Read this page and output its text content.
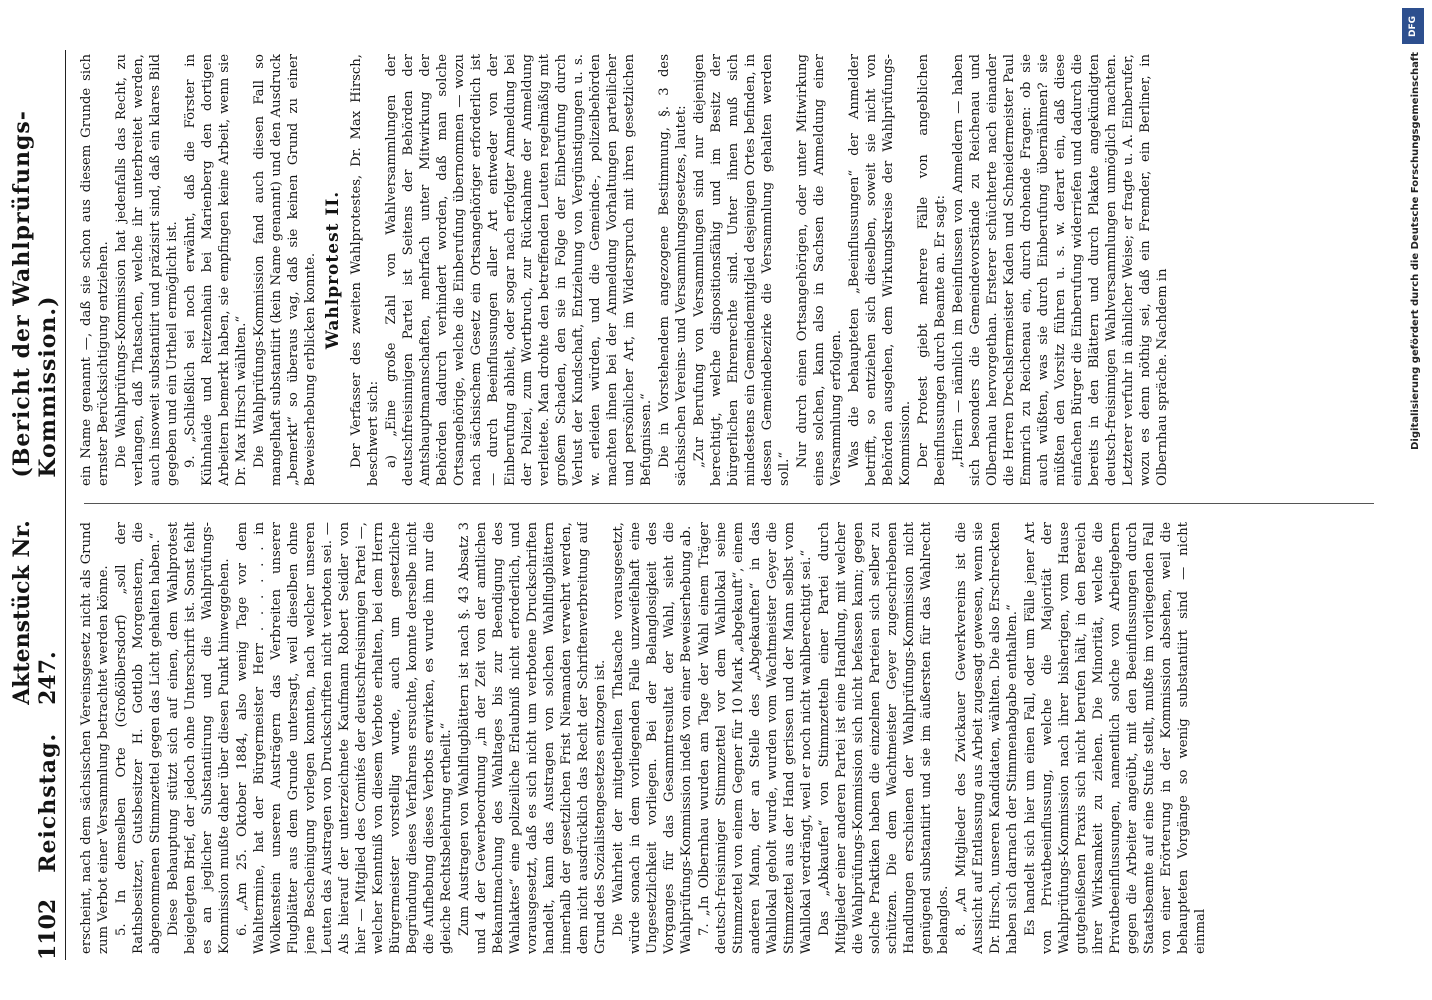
1102
Reichstag.
Aktenstück Nr. 247.
(Bericht der Wahlprüfungs-Kommission.)

erscheint, nach dem sächsischen Vereinsgesetz nicht als Grund zum Verbot einer Versammlung betrachtet werden könne. 5. In demselben Orte (Großölbersdorf) „soll der Rathsbesitzer, Gutsbesitzer H. Gottlob Morgenstern, die abgenommenen Stimmzettel gegen das Licht gehalten haben.“ Diese Behauptung stützt sich auf einen, dem Wahlprotest beigelegten Brief, der jedoch ohne Unterschrift ist. Sonst fehlt es an jeglicher Substantiirung und die Wahlprüfungs-Kommission mußte daher über diesen Punkt hinweggehen. 6. „Am 25. Oktober 1884, also wenig Tage vor dem Wahltermine, hat der Bürgermeister Herr . . . . . . in Wolkenstein unseren Austrägern das Verbreiten unserer Flugblätter aus dem Grunde untersagt, weil dieselben ohne jene Bescheinigung vorlegen konnten, nach welcher unseren Leuten das Austragen von Druckschriften nicht verboten sei. — Als hierauf der unterzeichnete Kaufmann Robert Seidler von hier — Mitglied des Comités der deutschfreisinnigen Partei —, welcher Kenntniß von diesem Verbote erhalten, bei dem Herrn Bürgermeister vorstellig wurde, auch um gesetzliche Begründung dieses Verfahrens ersuchte, konnte derselbe nicht die Aufhebung dieses Verbots erwirken, es wurde ihm nur die gleiche Rechtsbelehrung ertheilt.“ Zum Austragen von Wahlflugblättern ist nach §. 43 Absatz 3 und 4 der Gewerbeordnung „in der Zeit von der amtlichen Bekanntmachung des Wahltages bis zur Beendigung des Wahlaktes“ eine polizeiliche Erlaubniß nicht erforderlich, und vorausgesetzt, daß es sich nicht um verbotene Druckschriften handelt, kann das Austragen von solchen Wahlflugblättern innerhalb der gesetzlichen Frist Niemanden verwehrt werden, dem nicht ausdrücklich das Recht der Schriftenverbreitung auf Grund des Sozialistengesetzes entzogen ist. Die Wahrheit der mitgetheilten Thatsache vorausgesetzt, würde sonach in dem vorliegenden Falle unzweifelhaft eine Ungesetzlichkeit vorliegen. Bei der Belanglosigkeit des Vorganges für das Gesammtresultat der Wahl, sieht die Wahlprüfungs-Kommission indeß von einer Beweiserhebung ab. 7. „In Olbernhau wurden am Tage der Wahl einem Träger deutsch-freisinniger Stimmzettel vor dem Wahllokal seine Stimmzettel von einem Gegner für 10 Mark „abgekauft“, einem anderen Mann, der an Stelle des „Abgekauften“ in das Wahllokal geholt wurde, wurden vom Wachtmeister Geyer die Stimmzettel aus der Hand gerissen und der Mann selbst vom Wahllokal verdrängt, weil er noch nicht wahlberechtigt sei.“ Das „Abkaufen“ von Stimmzetteln einer Partei durch Mitglieder einer anderen Partei ist eine Handlung, mit welcher die Wahlprüfungs-Kommission sich nicht befassen kann; gegen solche Praktiken haben die einzelnen Parteien sich selber zu schützen. Die dem Wachtmeister Geyer zugeschriebenen Handlungen erschienen der Wahlprüfungs-Kommission nicht genügend substantiirt und sie im äußersten für das Wahlrecht belanglos. 8. „An Mitglieder des Zwickauer Gewerkvereins ist die Aussicht auf Entlassung aus Arbeit zugesagt gewesen, wenn sie Dr. Hirsch, unseren Kandidaten, wählten. Die also Erschreckten haben sich darnach der Stimmenabgabe enthalten.“ Es handelt sich hier um einen Fall, oder um Fälle jener Art von Privatbeeinflussung, welche die Majorität der Wahlprüfungs-Kommission nach ihrer bisherigen, vom Hause gutgeheißenen Praxis sich nicht berufen hält, in den Bereich ihrer Wirksamkeit zu ziehen. Die Minorität, welche die Privatbeeinflussungen, namentlich solche von Arbeitgebern gegen die Arbeiter angeübt, mit den Beeinflussungen durch Staatsbeamte auf eine Stufe stellt, mußte im vorliegenden Fall von einer Erörterung in der Kommission absehen, weil die behaupteten Vorgänge so wenig substantiirt sind — nicht einmal

ein Name genannt —, daß sie schon aus diesem Grunde sich ernster Berücksichtigung entziehen. Die Wahlprüfungs-Kommission hat jedenfalls das Recht, zu verlangen, daß Thatsachen, welche ihr unterbreitet werden, auch insoweit substantiirt und präzisirt sind, daß ein klares Bild gegeben und ein Urtheil ermöglicht ist. 9. „Schließlich sei noch erwähnt, daß die Förster in Kühnhaide und Reitzenhain bei Marienberg den dortigen Arbeitern bemerkt haben, sie empfingen keine Arbeit, wenn sie Dr. Max Hirsch wählten.“ Die Wahlprüfungs-Kommission fand auch diesen Fall so mangelhaft substantiirt (kein Name genannt) und den Ausdruck „bemerkt“ so überaus vag, daß sie keinen Grund zu einer Beweiserhebung erblicken konnte. Wahlprotest II. Der Verfasser des zweiten Wahlprotestes, Dr. Max Hirsch, beschwert sich: a) „Eine große Zahl von Wahlversammlungen der deutschfreisinnigen Partei ist Seitens der Behörden der Amtshauptmannschaften, mehrfach unter Mitwirkung der Behörden dadurch verhindert worden, daß man solche Ortsangehörige, welche die Einberufung übernommen — wozu nach sächsischem Gesetz ein Ortsangehöriger erforderlich ist — durch Beeinflussungen aller Art entweder von der Einberufung abhielt, oder sogar nach erfolgter Anmeldung bei der Polizei, zum Wortbruch, zur Rücknahme der Anmeldung verleitete. Man drohte den betreffenden Leuten regelmäßig mit großem Schaden, den sie in Folge der Einberufung durch Verlust der Kundschaft, Entziehung von Vergünstigungen u. s. w. erleiden würden, und die Gemeinde-, polizeibehörden machten ihnen bei der Anmeldung Vorhaltungen parteilicher und persönlicher Art, im Widerspruch mit ihren gesetzlichen Befugnissen.“ Die in Vorstehendem angezogene Bestimmung, §. 3 des sächsischen Vereins- und Versammlungsgesetzes, lautet: „Zur Berufung von Versammlungen sind nur diejenigen berechtigt, welche dispositionsfähig und im Besitz der bürgerlichen Ehrenrechte sind. Unter ihnen muß sich mindestens ein Gemeindemitglied desjenigen Ortes befinden, in dessen Gemeindebezirke die Versammlung gehalten werden soll.“

Nur durch einen Ortsangehörigen, oder unter Mitwirkung eines solchen, kann also in Sachsen die Anmeldung einer Versammlung erfolgen. Was die behaupteten „Beeinflussungen“ der Anmelder betrifft, so entziehen sich dieselben, soweit sie nicht von Behörden ausgehen, dem Wirkungskreise der Wahlprüfungs-Kommission. Der Protest giebt mehrere Fälle von angeblichen Beeinflussungen durch Beamte an. Er sagt: „Hierin — nämlich im Beeinflussen von Anmeldern — haben sich besonders die Gemeindevorstände zu Reichenau und Olbernhau hervorgethan. Ersterer schüchterte nach einander die Herren Drechslermeister Kaden und Schneidermeister Paul Emmrich zu Reichenau ein, durch drohende Fragen: ob sie auch wüßten, was sie durch Einberufung übernähmen? sie müßten den Vorsitz führen u. s. w. derart ein, daß diese einfachen Bürger die Einberufung widerriefen und dadurch die bereits in den Blättern und durch Plakate angekündigten deutsch-freisinnigen Wahlversammlungen unmöglich machten. Letzterer verfuhr in ähnlicher Weise; er fragte u. A. Einberufer, wozu es denn nöthig sei, daß ein Fremder, ein Berliner, in Olbernhau spräche. Nachdem in

DFG
Digitalisierung gefördert durch die Deutsche Forschungsgemeinschaft
